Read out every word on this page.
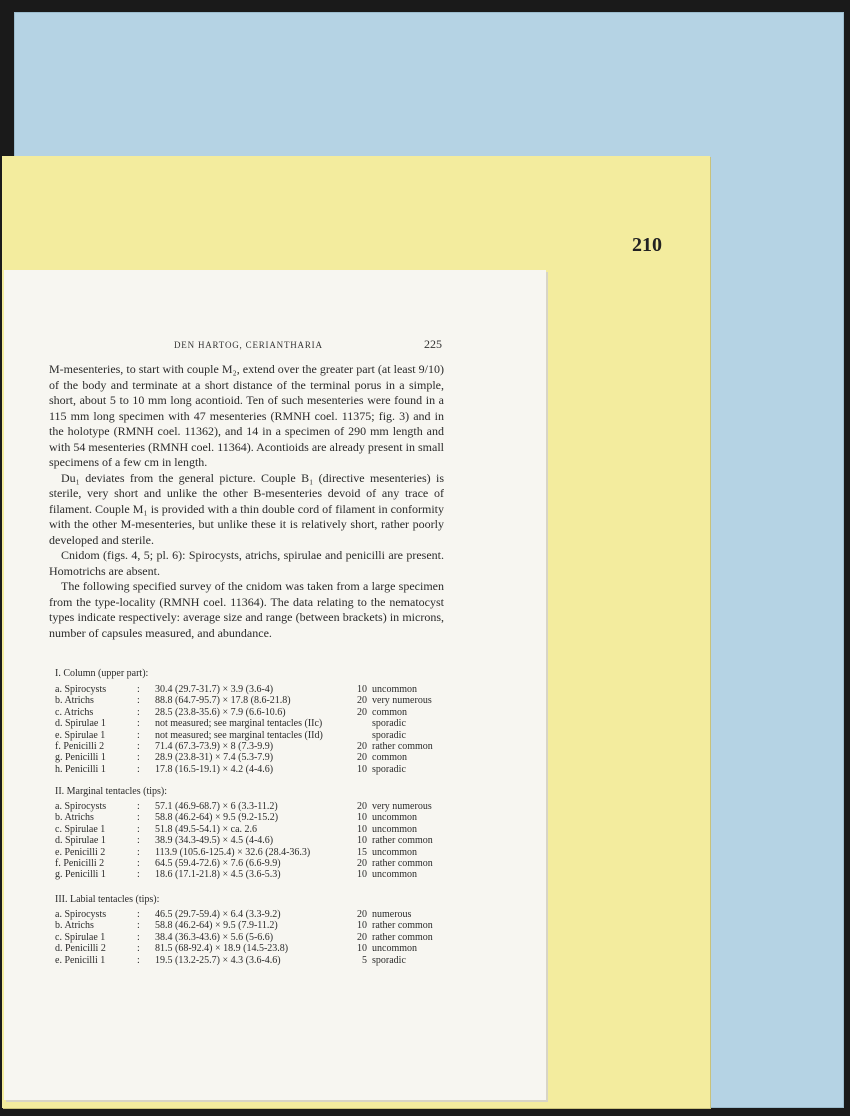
210
DEN HARTOG, CERIANTHARIA	225

M-mesenteries, to start with couple M₂, extend over the greater part (at least 9/10) of the body and terminate at a short distance of the terminal porus in a simple, short, about 5 to 10 mm long acontioid. Ten of such mesenteries were found in a 115 mm long specimen with 47 mesenteries (RMNH coel. 11375; fig. 3) and in the holotype (RMNH coel. 11362), and 14 in a specimen of 290 mm length and with 54 mesenteries (RMNH coel. 11364). Acontioids are already present in small specimens of a few cm in length.

Du₁ deviates from the general picture. Couple B₁ (directive mesenteries) is sterile, very short and unlike the other B-mesenteries devoid of any trace of filament. Couple M₁ is provided with a thin double cord of filament in conformity with the other M-mesenteries, but unlike these it is relatively short, rather poorly developed and sterile.

Cnidom (figs. 4, 5; pl. 6): Spirocysts, atrichs, spirulae and penicilli are present. Homotrichs are absent.

The following specified survey of the cnidom was taken from a large specimen from the type-locality (RMNH coel. 11364). The data relating to the nematocyst types indicate respectively: average size and range (between brackets) in microns, number of capsules measured, and abundance.

I. Column (upper part):
a. Spirocysts	: 30.4 (29.7-31.7) × 3.9 (3.6-4)	10 uncommon
b. Atrichs	: 88.8 (64.7-95.7) × 17.8 (8.6-21.8)	20 very numerous
c. Atrichs	: 28.5 (23.8-35.6) × 7.9 (6.6-10.6)	20 common
d. Spirulae 1	: not measured; see marginal tentacles (IIc)	sporadic
e. Spirulae 1	: not measured; see marginal tentacles (IId)	sporadic
f. Penicilli 2	: 71.4 (67.3-73.9) × 8 (7.3-9.9)	20 rather common
g. Penicilli 1	: 28.9 (23.8-31) × 7.4 (5.3-7.9)	20 common
h. Penicilli 1	: 17.8 (16.5-19.1) × 4.2 (4-4.6)	10 sporadic
II. Marginal tentacles (tips):
a. Spirocysts	: 57.1 (46.9-68.7) × 6 (3.3-11.2)	20 very numerous
b. Atrichs	: 58.8 (46.2-64) × 9.5 (9.2-15.2)	10 uncommon
c. Spirulae 1	: 51.8 (49.5-54.1) × ca. 2.6	10 uncommon
d. Spirulae 1	: 38.9 (34.3-49.5) × 4.5 (4-4.6)	10 rather common
e. Penicilli 2	: 113.9 (105.6-125.4) × 32.6 (28.4-36.3)	15 uncommon
f. Penicilli 2	: 64.5 (59.4-72.6) × 7.6 (6.6-9.9)	20 rather common
g. Penicilli 1	: 18.6 (17.1-21.8) × 4.5 (3.6-5.3)	10 uncommon
III. Labial tentacles (tips):
a. Spirocysts	: 46.5 (29.7-59.4) × 6.4 (3.3-9.2)	20 numerous
b. Atrichs	: 58.8 (46.2-64) × 9.5 (7.9-11.2)	10 rather common
c. Spirulae 1	: 38.4 (36.3-43.6) × 5.6 (5-6.6)	20 rather common
d. Penicilli 2	: 81.5 (68-92.4) × 18.9 (14.5-23.8)	10 uncommon
e. Penicilli 1	: 19.5 (13.2-25.7) × 4.3 (3.6-4.6)	5 sporadic
